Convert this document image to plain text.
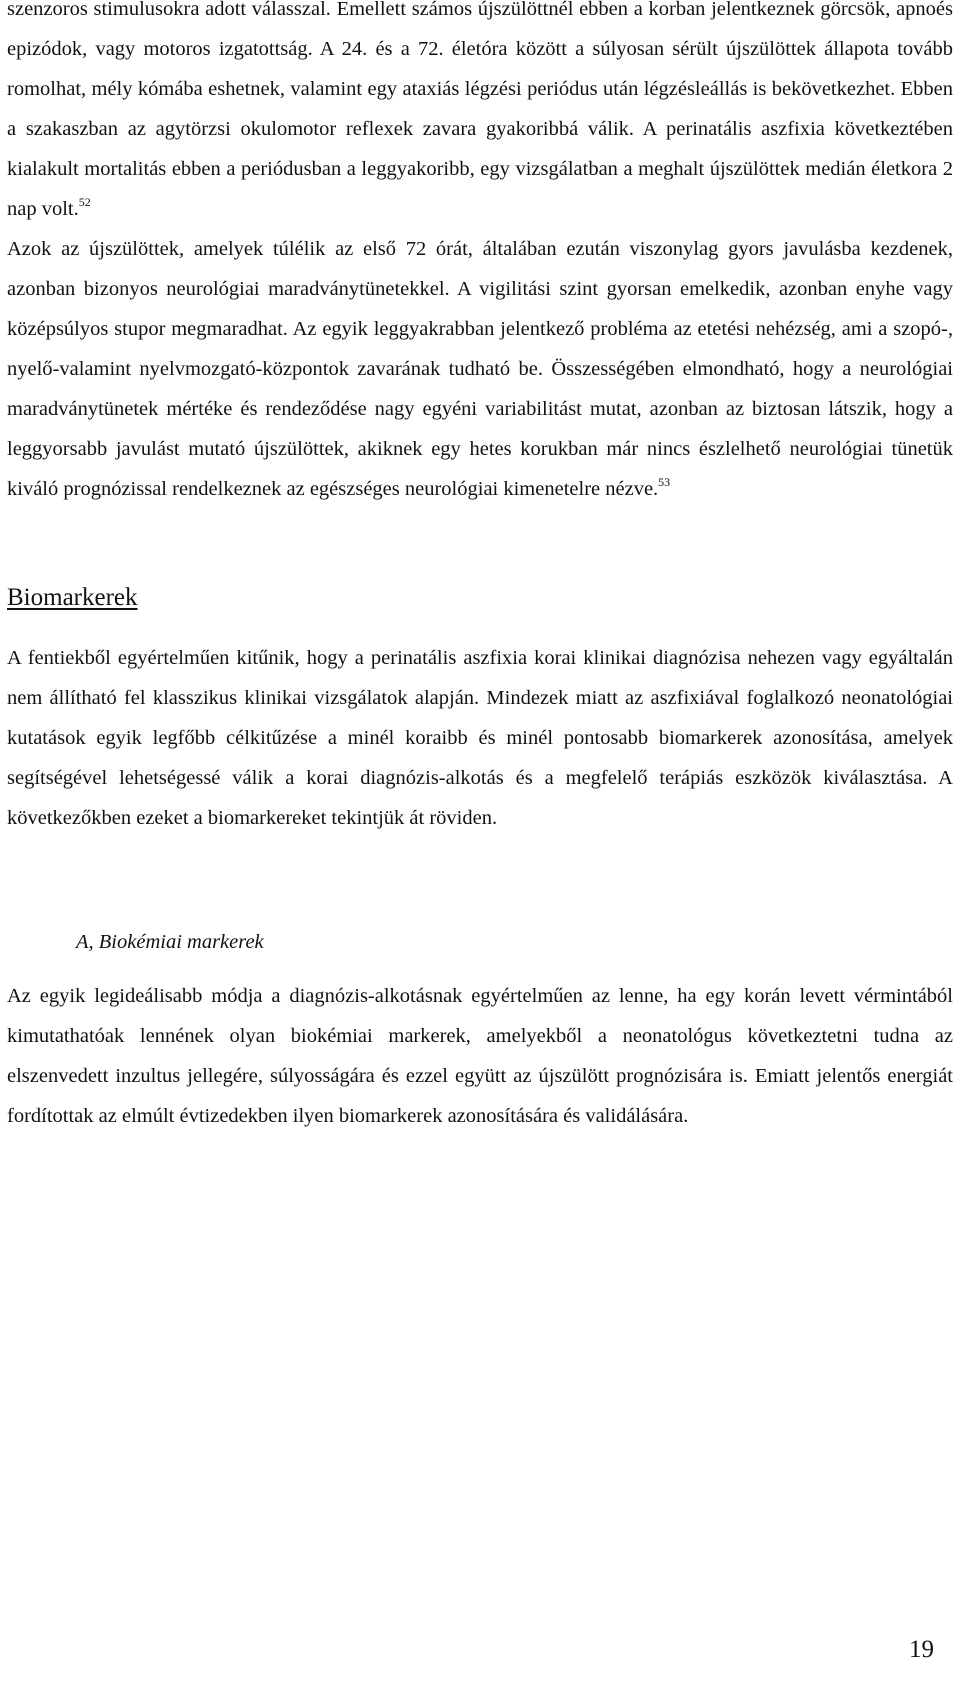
szenzoros stimulusokra adott válasszal. Emellett számos újszülöttnél ebben a korban jelentkeznek görcsök, apnoés epizódok, vagy motoros izgatottság. A 24. és a 72. életóra között a súlyosan sérült újszülöttek állapota tovább romolhat, mély kómába eshetnek, valamint egy ataxiás légzési periódus után légzésleállás is bekövetkezhet. Ebben a szakaszban az agytörzsi okulomotor reflexek zavara gyakoribbá válik. A perinatális aszfixia következtében kialakult mortalitás ebben a periódusban a leggyakoribb, egy vizsgálatban a meghalt újszülöttek medián életkora 2 nap volt.$^{52}$

Azok az újszülöttek, amelyek túlélik az első 72 órát, általában ezután viszonylag gyors javulásba kezdenek, azonban bizonyos neurológiai maradványtünetekkel. A vigilitási szint gyorsan emelkedik, azonban enyhe vagy középsúlyos stupor megmaradhat. Az egyik leggyakrabban jelentkező probléma az etetési nehézség, ami a szopó-, nyelő-valamint nyelvmozgató-központok zavarának tudható be. Összességében elmondható, hogy a neurológiai maradványtünetek mértéke és rendeződése nagy egyéni variabilitást mutat, azonban az biztosan látszik, hogy a leggyorsabb javulást mutató újszülöttek, akiknek egy hetes korukban már nincs észlelhető neurológiai tünetük kiváló prognózissal rendelkeznek az egészséges neurológiai kimenetelre nézve.$^{53}$

Biomarkerek

A fentiekből egyértelműen kitűnik, hogy a perinatális aszfixia korai klinikai diagnózisa nehezen vagy egyáltalán nem állítható fel klasszikus klinikai vizsgálatok alapján. Mindezek miatt az aszfixiával foglalkozó neonatológiai kutatások egyik legfőbb célkitűzése a minél koraibb és minél pontosabb biomarkerek azonosítása, amelyek segítségével lehetségessé válik a korai diagnózis-alkotás és a megfelelő terápiás eszközök kiválasztása. A következőkben ezeket a biomarkereket tekintjük át röviden.

A, Biokémiai markerek

Az egyik legideálisabb módja a diagnózis-alkotásnak egyértelműen az lenne, ha egy korán levett vérmintából kimutathatóak lennének olyan biokémiai markerek, amelyekből a neonatológus következtetni tudna az elszenvedett inzultus jellegére, súlyosságára és ezzel együtt az újszülött prognózisára is. Emiatt jelentős energiát fordítottak az elmúlt évtizedekben ilyen biomarkerek azonosítására és validálására.

19
